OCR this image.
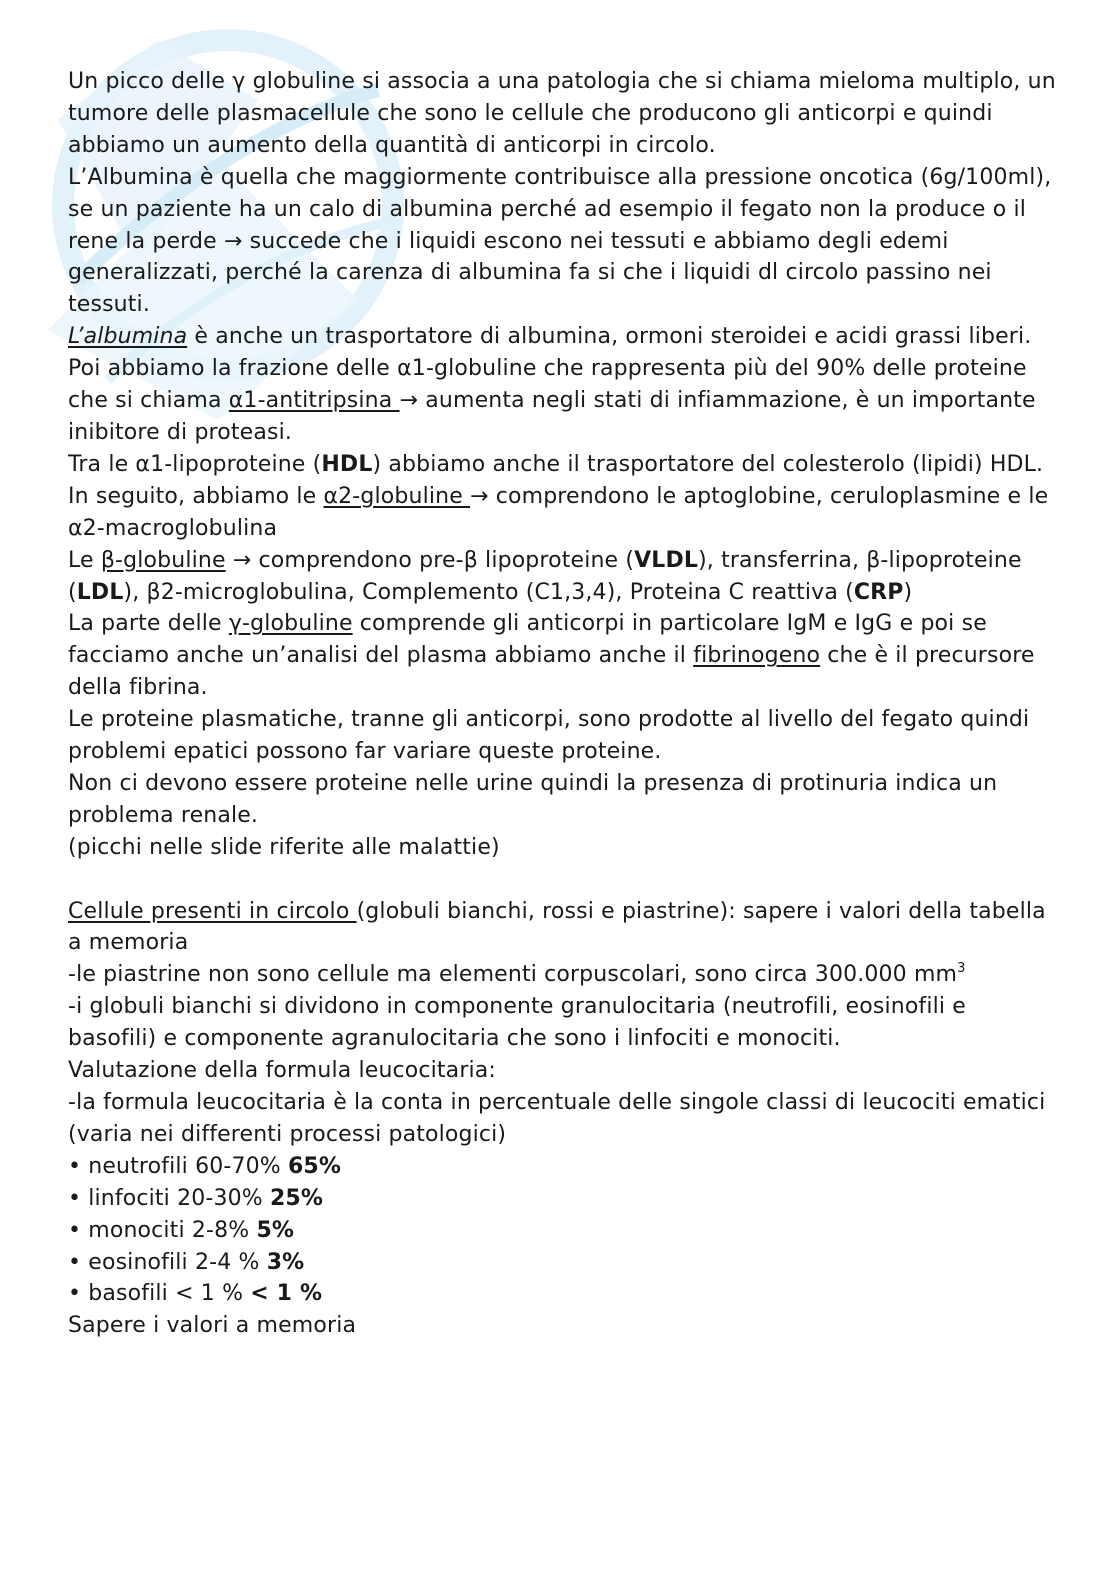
Un picco delle γ globuline si associa a una patologia che si chiama mieloma multiplo, un tumore delle plasmacellule che sono le cellule che producono gli anticorpi e quindi abbiamo un aumento della quantità di anticorpi in circolo.

L’Albumina è quella che maggiormente contribuisce alla pressione oncotica (6g/100ml), se un paziente ha un calo di albumina perché ad esempio il fegato non la produce o il rene la perde → succede che i liquidi escono nei tessuti e abbiamo degli edemi generalizzati, perché la carenza di albumina fa si che i liquidi dl circolo passino nei tessuti.

L’albumina è anche un trasportatore di albumina, ormoni steroidei e acidi grassi liberi.

Poi abbiamo la frazione delle α1-globuline che rappresenta più del 90% delle proteine che si chiama α1-antitripsina → aumenta negli stati di infiammazione, è un importante inibitore di proteasi.

Tra le α1-lipoproteine (HDL) abbiamo anche il trasportatore del colesterolo (lipidi) HDL.

In seguito, abbiamo le α2-globuline → comprendono le aptoglobine, ceruloplasmine e le α2-macroglobulina

Le β-globuline → comprendono pre-β lipoproteine (VLDL), transferrina, β-lipoproteine (LDL), β2-microglobulina, Complemento (C1,3,4), Proteina C reattiva (CRP)

La parte delle γ-globuline comprende gli anticorpi in particolare IgM e IgG e poi se facciamo anche un’analisi del plasma abbiamo anche il fibrinogeno che è il precursore della fibrina.

Le proteine plasmatiche, tranne gli anticorpi, sono prodotte al livello del fegato quindi problemi epatici possono far variare queste proteine.

Non ci devono essere proteine nelle urine quindi la presenza di protinuria indica un problema renale.

(picchi nelle slide riferite alle malattie)

Cellule presenti in circolo (globuli bianchi, rossi e piastrine): sapere i valori della tabella a memoria

-le piastrine non sono cellule ma elementi corpuscolari, sono circa 300.000 $mm^3$

-i globuli bianchi si dividono in componente granulocitaria (neutrofili, eosinofili e basofili) e componente agranulocitaria che sono i linfociti e monociti.

Valutazione della formula leucocitaria:

-la formula leucocitaria è la conta in percentuale delle singole classi di leucociti ematici (varia nei differenti processi patologici)

• neutrofili 60-70% 65%

• linfociti 20-30% 25%

• monociti 2-8% 5%

• eosinofili 2-4 % 3%

• basofili < 1 % < 1 %

Sapere i valori a memoria
